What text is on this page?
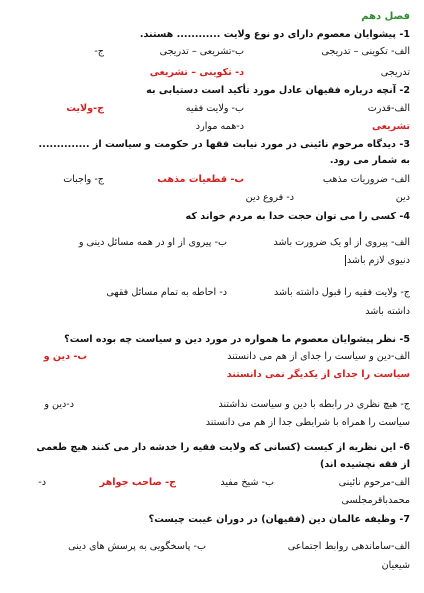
فصل دهم
1- پیشوایان معصوم دارای دو نوع ولایت ............ هستند.
الف- تکوینی – تدریجی
ب-تشریعی – تدریجی
ج-
تدریجی
د- تکوینی – تشریعی
2- آنچه درباره فقیهان عادل مورد تأکید است دستیابی به
الف-قدرت
ب- ولایت فقیه
ج-ولایت
تشریعی
د-همه موارد
3- دیدگاه مرحوم نائینی در مورد نیابت فقها در حکومت و سیاست از ..............
به شمار می رود.
الف- ضروریات مذهب
ب- قطعیات مذهب
ج- واجبات
دین
د- فروع دین
4- کسی را می توان حجت خدا به مردم خواند که
الف- پیروی از او یک ضرورت باشد
ب- پیروی از او در همه مسائل دینی و
دنیوی لازم باشد
ج- ولایت فقیه را قبول داشته باشد
د- احاطه به تمام مسائل فقهی
داشته باشد
5- نظر پیشوایان معصوم ما همواره در مورد دین و سیاست چه بوده است؟
الف-دین و سیاست را جدای از هم می دانستند
ب- دین و
سیاست را جدای از یکدیگر نمی دانستند
ج- هیچ نظری در رابطه با دین و سیاست نداشتند
د-دین و
سیاست را همراه با شرایطی جدا از هم می دانستند
6- این نظریه از کیست (کسانی که ولایت فقیه را خدشه دار می کنند هیچ طعمی
از فقه نچشیده اند)
الف-مرحوم نائینی
ب- شیخ مفید
ج- صاحب جواهر
د-
محمدباقرمجلسی
7- وظیفه عالمان دین (فقیهان) در دوران غیبت چیست؟
الف-ساماندهی روابط اجتماعی
ب- پاسخگویی به پرسش های دینی
شیعیان
